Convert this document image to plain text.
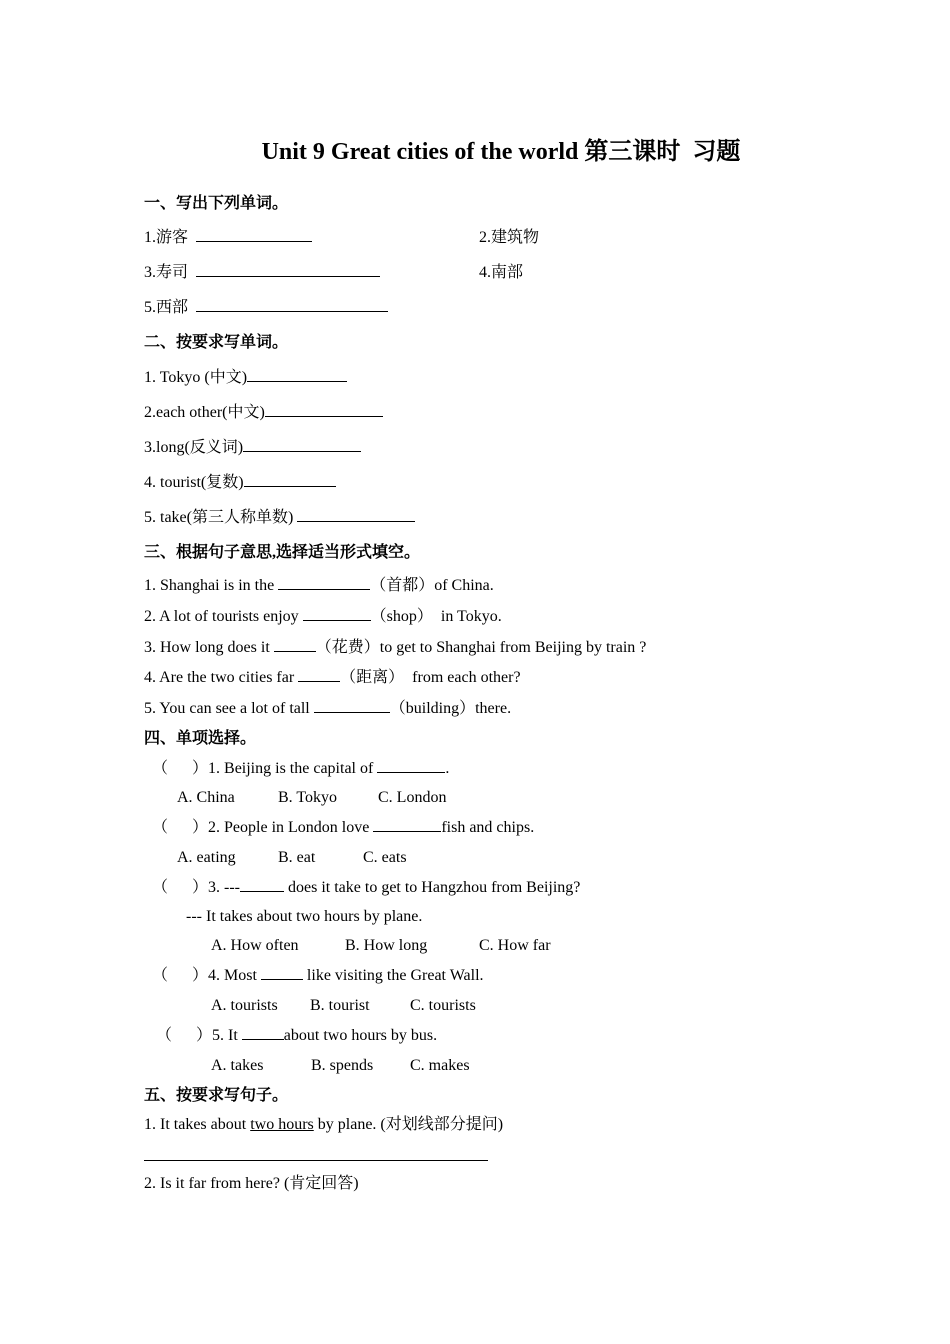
Unit 9 Great cities of the world 第三课时  习题
一、写出下列单词。
1.游客	2.建筑物
3.寿司	4.南部
5.西部
二、按要求写单词。
1. Tokyo (中文)
2.each other(中文)
3.long(反义词)
4. tourist(复数)
5. take(第三人称单数)
三、根据句子意思,选择适当形式填空。
1. Shanghai is in the	（首都）of China.
2. A lot of tourists enjoy	（shop）  in Tokyo.
3. How long does it	（花费）to get to Shanghai from Beijing by train ?
4. Are the two cities far	（距离）  from each other?
5. You can see a lot of tall	（building）there.
四、单项选择。
（      ）1. Beijing is the capital of	.
A. China	B. Tokyo	C. London
（      ）2. People in London love	fish and chips.
A. eating	B. eat	C. eats
（      ）3. ---	does it take to get to Hangzhou from Beijing?
--- It takes about two hours by plane.
A. How often	B. How long	C. How far
（      ）4. Most	like visiting the Great Wall.
A. tourists B. tourist	C. tourists
（      ）5. It	about two hours by bus.
A. takes	B. spends C. makes
五、按要求写句子。
1. It takes about two hours by plane. (对划线部分提问)
2. Is it far from here? (肯定回答)
